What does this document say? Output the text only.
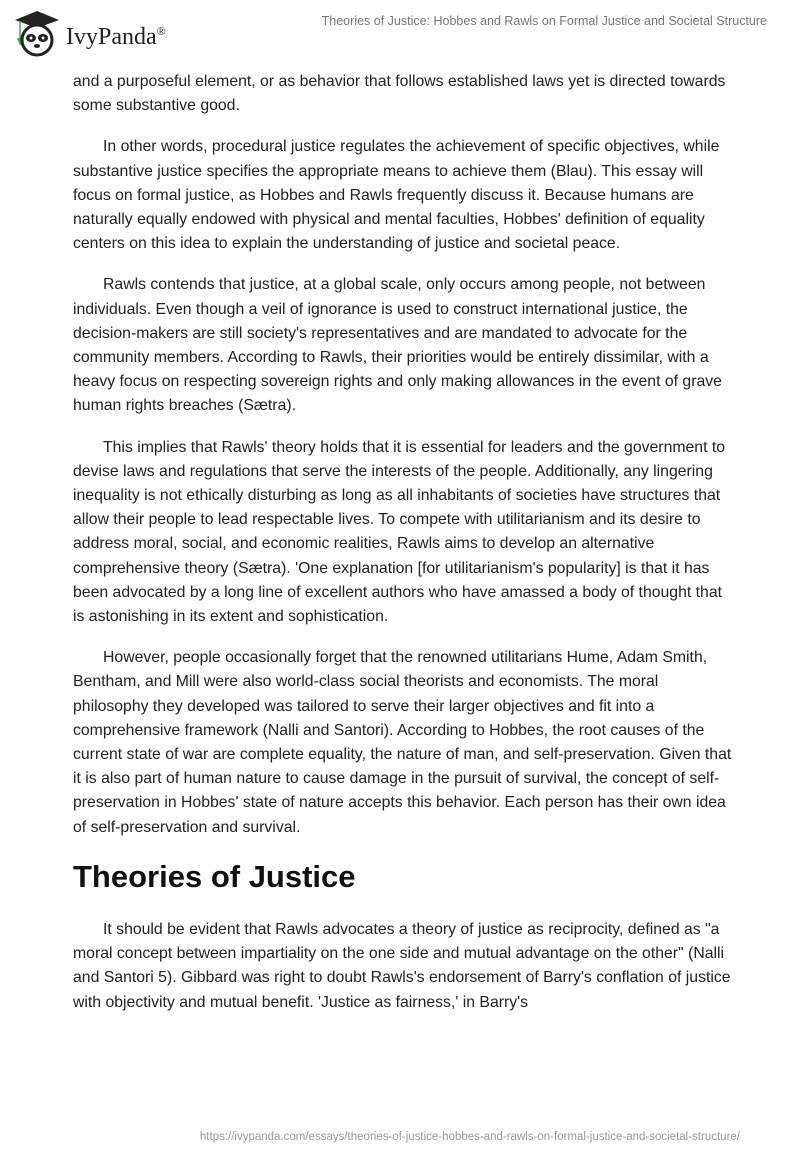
IvyPanda®
Theories of Justice: Hobbes and Rawls on Formal Justice and Societal Structure

and a purposeful element, or as behavior that follows established laws yet is directed towards some substantive good.

In other words, procedural justice regulates the achievement of specific objectives, while substantive justice specifies the appropriate means to achieve them (Blau). This essay will focus on formal justice, as Hobbes and Rawls frequently discuss it. Because humans are naturally equally endowed with physical and mental faculties, Hobbes' definition of equality centers on this idea to explain the understanding of justice and societal peace.

Rawls contends that justice, at a global scale, only occurs among people, not between individuals. Even though a veil of ignorance is used to construct international justice, the decision-makers are still society's representatives and are mandated to advocate for the community members. According to Rawls, their priorities would be entirely dissimilar, with a heavy focus on respecting sovereign rights and only making allowances in the event of grave human rights breaches (Sætra).

This implies that Rawls' theory holds that it is essential for leaders and the government to devise laws and regulations that serve the interests of the people. Additionally, any lingering inequality is not ethically disturbing as long as all inhabitants of societies have structures that allow their people to lead respectable lives. To compete with utilitarianism and its desire to address moral, social, and economic realities, Rawls aims to develop an alternative comprehensive theory (Sætra). 'One explanation [for utilitarianism's popularity] is that it has been advocated by a long line of excellent authors who have amassed a body of thought that is astonishing in its extent and sophistication.

However, people occasionally forget that the renowned utilitarians Hume, Adam Smith, Bentham, and Mill were also world-class social theorists and economists. The moral philosophy they developed was tailored to serve their larger objectives and fit into a comprehensive framework (Nalli and Santori). According to Hobbes, the root causes of the current state of war are complete equality, the nature of man, and self-preservation. Given that it is also part of human nature to cause damage in the pursuit of survival, the concept of self-preservation in Hobbes' state of nature accepts this behavior. Each person has their own idea of self-preservation and survival.

Theories of Justice

It should be evident that Rawls advocates a theory of justice as reciprocity, defined as "a moral concept between impartiality on the one side and mutual advantage on the other" (Nalli and Santori 5). Gibbard was right to doubt Rawls's endorsement of Barry's conflation of justice with objectivity and mutual benefit. 'Justice as fairness,' in Barry's

https://ivypanda.com/essays/theories-of-justice-hobbes-and-rawls-on-formal-justice-and-societal-structure/
